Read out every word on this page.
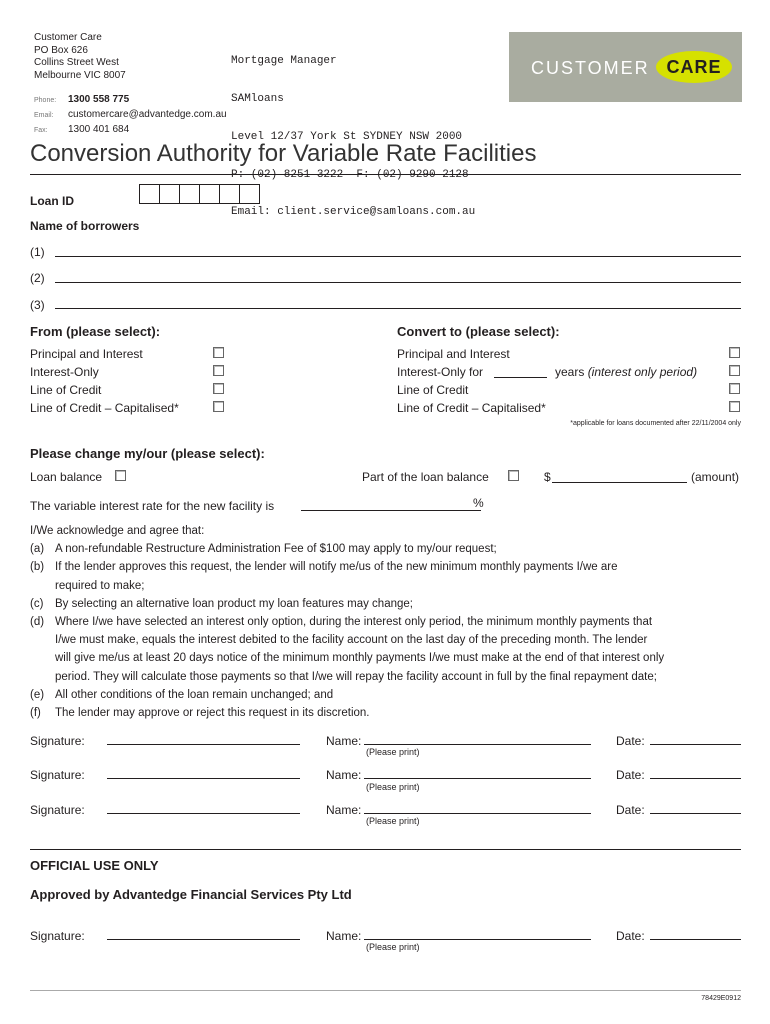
Customer Care
PO Box 626
Collins Street West
Melbourne VIC 8007
Phone: 1300 558 775
Email: customercare@advantedge.com.au
Fax: 1300 401 684

Mortgage Manager

SAMloans

Level 12/37 York St SYDNEY NSW 2000

P: (02) 8251 3222  F: (02) 9290 2128

Email: client.service@samloans.com.au

CUSTOMER CARE
Conversion Authority for Variable Rate Facilities
Loan ID
Name of borrowers
(1)
(2)
(3)
From (please select):
Principal and Interest
Interest-Only
Line of Credit
Line of Credit – Capitalised*
Convert to (please select):
Principal and Interest
Interest-Only for	years (interest only period)
Line of Credit
Line of Credit – Capitalised*
*applicable for loans documented after 22/11/2004 only
Please change my/our (please select):
Loan balance	Part of the loan balance	$	(amount)
The variable interest rate for the new facility is	%
I/We acknowledge and agree that:
(a) A non-refundable Restructure Administration Fee of $100 may apply to my/our request;
(b) If the lender approves this request, the lender will notify me/us of the new minimum monthly payments I/we are
required to make;
(c)	By selecting an alternative loan product my loan features may change;
(d) Where I/we have selected an interest only option, during the interest only period, the minimum monthly payments that
I/we must make, equals the interest debited to the facility account on the last day of the preceding month. The lender
will give me/us at least 20 days notice of the minimum monthly payments I/we must make at the end of that interest only
period. They will calculate those payments so that I/we will repay the facility account in full by the final repayment date;
(e) All other conditions of the loan remain unchanged; and
(f)	The lender may approve or reject this request in its discretion.
Signature:	Name:
(Please print)
Date:
Signature:	Name:
(Please print)
Date:
Signature:	Name:
(Please print)
Date:
OFFICIAL USE ONLY
Approved by Advantedge Financial Services Pty Ltd
Signature:	Name:
(Please print)
Date:
78429E0912
